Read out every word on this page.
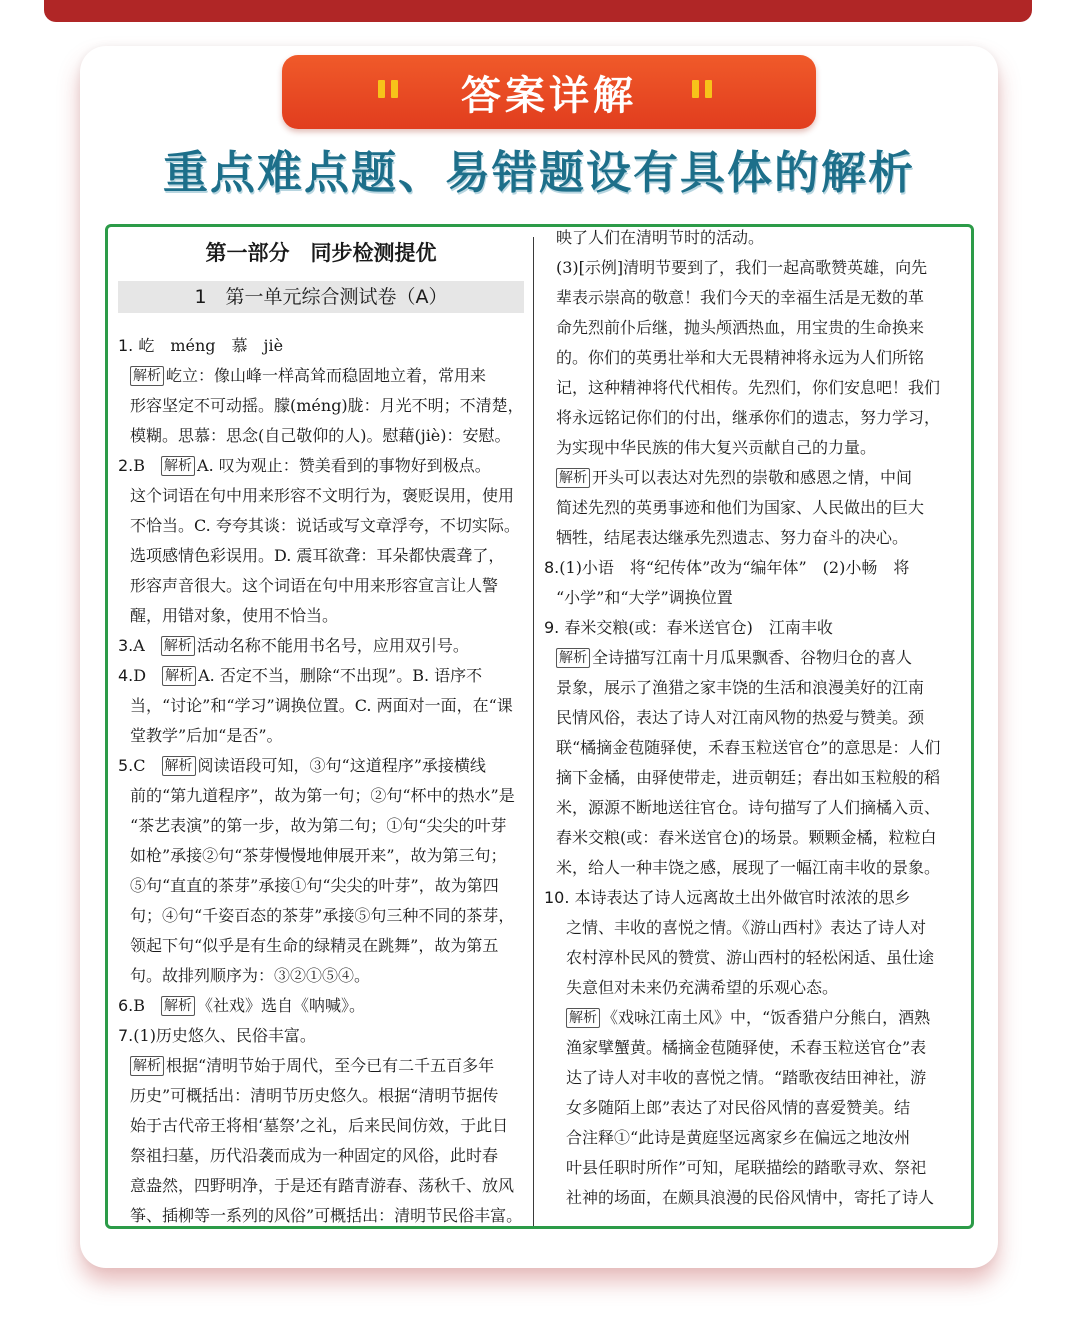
答案详解
重点难点题、易错题设有具体的解析
第一部分　同步检测提优
1　第一单元综合测试卷（A）

1. 屹　méng　慕　jiè

解析 屹立：像山峰一样高耸而稳固地立着，常用来

形容坚定不可动摇。朦(méng)胧：月光不明；不清楚，

模糊。思慕：思念(自己敬仰的人)。慰藉(jiè)：安慰。

2.B　 解析 A. 叹为观止：赞美看到的事物好到极点。

这个词语在句中用来形容不文明行为，褒贬误用，使用

不恰当。C. 夸夸其谈：说话或写文章浮夸，不切实际。

选项感情色彩误用。D. 震耳欲聋：耳朵都快震聋了，

形容声音很大。这个词语在句中用来形容宣言让人警

醒，用错对象，使用不恰当。

3.A　 解析 活动名称不能用书名号，应用双引号。

4.D　 解析 A. 否定不当，删除“不出现”。B. 语序不

当，“讨论”和“学习”调换位置。C. 两面对一面，在“课

堂教学”后加“是否”。

5.C　 解析 阅读语段可知，③句“这道程序”承接横线

前的“第九道程序”，故为第一句；②句“杯中的热水”是

“茶艺表演”的第一步，故为第二句；①句“尖尖的叶芽

如枪”承接②句“茶芽慢慢地伸展开来”，故为第三句；

⑤句“直直的茶芽”承接①句“尖尖的叶芽”，故为第四

句；④句“千姿百态的茶芽”承接⑤句三种不同的茶芽，

领起下句“似乎是有生命的绿精灵在跳舞”，故为第五

句。故排列顺序为：③②①⑤④。

6.B　 解析 《社戏》选自《呐喊》。

7.(1)历史悠久、民俗丰富。

解析 根据“清明节始于周代，至今已有二千五百多年

历史”可概括出：清明节历史悠久。根据“清明节据传

始于古代帝王将相‘墓祭’之礼，后来民间仿效，于此日

祭祖扫墓，历代沿袭而成为一种固定的风俗，此时春

意盎然，四野明净，于是还有踏青游春、荡秋千、放风

筝、插柳等一系列的风俗”可概括出：清明节民俗丰富。

映了人们在清明节时的活动。

(3)[示例]清明节要到了，我们一起高歌赞英雄，向先

辈表示崇高的敬意！我们今天的幸福生活是无数的革

命先烈前仆后继，抛头颅洒热血，用宝贵的生命换来

的。你们的英勇壮举和大无畏精神将永远为人们所铭

记，这种精神将代代相传。先烈们，你们安息吧！我们

将永远铭记你们的付出，继承你们的遗志，努力学习，

为实现中华民族的伟大复兴贡献自己的力量。

解析 开头可以表达对先烈的崇敬和感恩之情，中间

简述先烈的英勇事迹和他们为国家、人民做出的巨大

牺牲，结尾表达继承先烈遗志、努力奋斗的决心。

8.(1)小语　将“纪传体”改为“编年体”　(2)小畅　将

“小学”和“大学”调换位置

9. 春米交粮(或：春米送官仓)　江南丰收

解析 全诗描写江南十月瓜果飘香、谷物归仓的喜人

景象，展示了渔猎之家丰饶的生活和浪漫美好的江南

民情风俗，表达了诗人对江南风物的热爱与赞美。颈

联“橘摘金苞随驿使，禾舂玉粒送官仓”的意思是：人们

摘下金橘，由驿使带走，进贡朝廷；舂出如玉粒般的稻

米，源源不断地送往官仓。诗句描写了人们摘橘入贡、

舂米交粮(或：舂米送官仓)的场景。颗颗金橘，粒粒白

米，给人一种丰饶之感，展现了一幅江南丰收的景象。

10. 本诗表达了诗人远离故土出外做官时浓浓的思乡

之情、丰收的喜悦之情。《游山西村》表达了诗人对

农村淳朴民风的赞赏、游山西村的轻松闲适、虽仕途

失意但对未来仍充满希望的乐观心态。

解析 《戏咏江南土风》中，“饭香猎户分熊白，酒熟

渔家擘蟹黄。橘摘金苞随驿使，禾舂玉粒送官仓”表

达了诗人对丰收的喜悦之情。“踏歌夜结田神社，游

女多随陌上郎”表达了对民俗风情的喜爱赞美。结

合注释①“此诗是黄庭坚远离家乡在偏远之地汝州

叶县任职时所作”可知，尾联描绘的踏歌寻欢、祭祀

社神的场面，在颇具浪漫的民俗风情中，寄托了诗人
